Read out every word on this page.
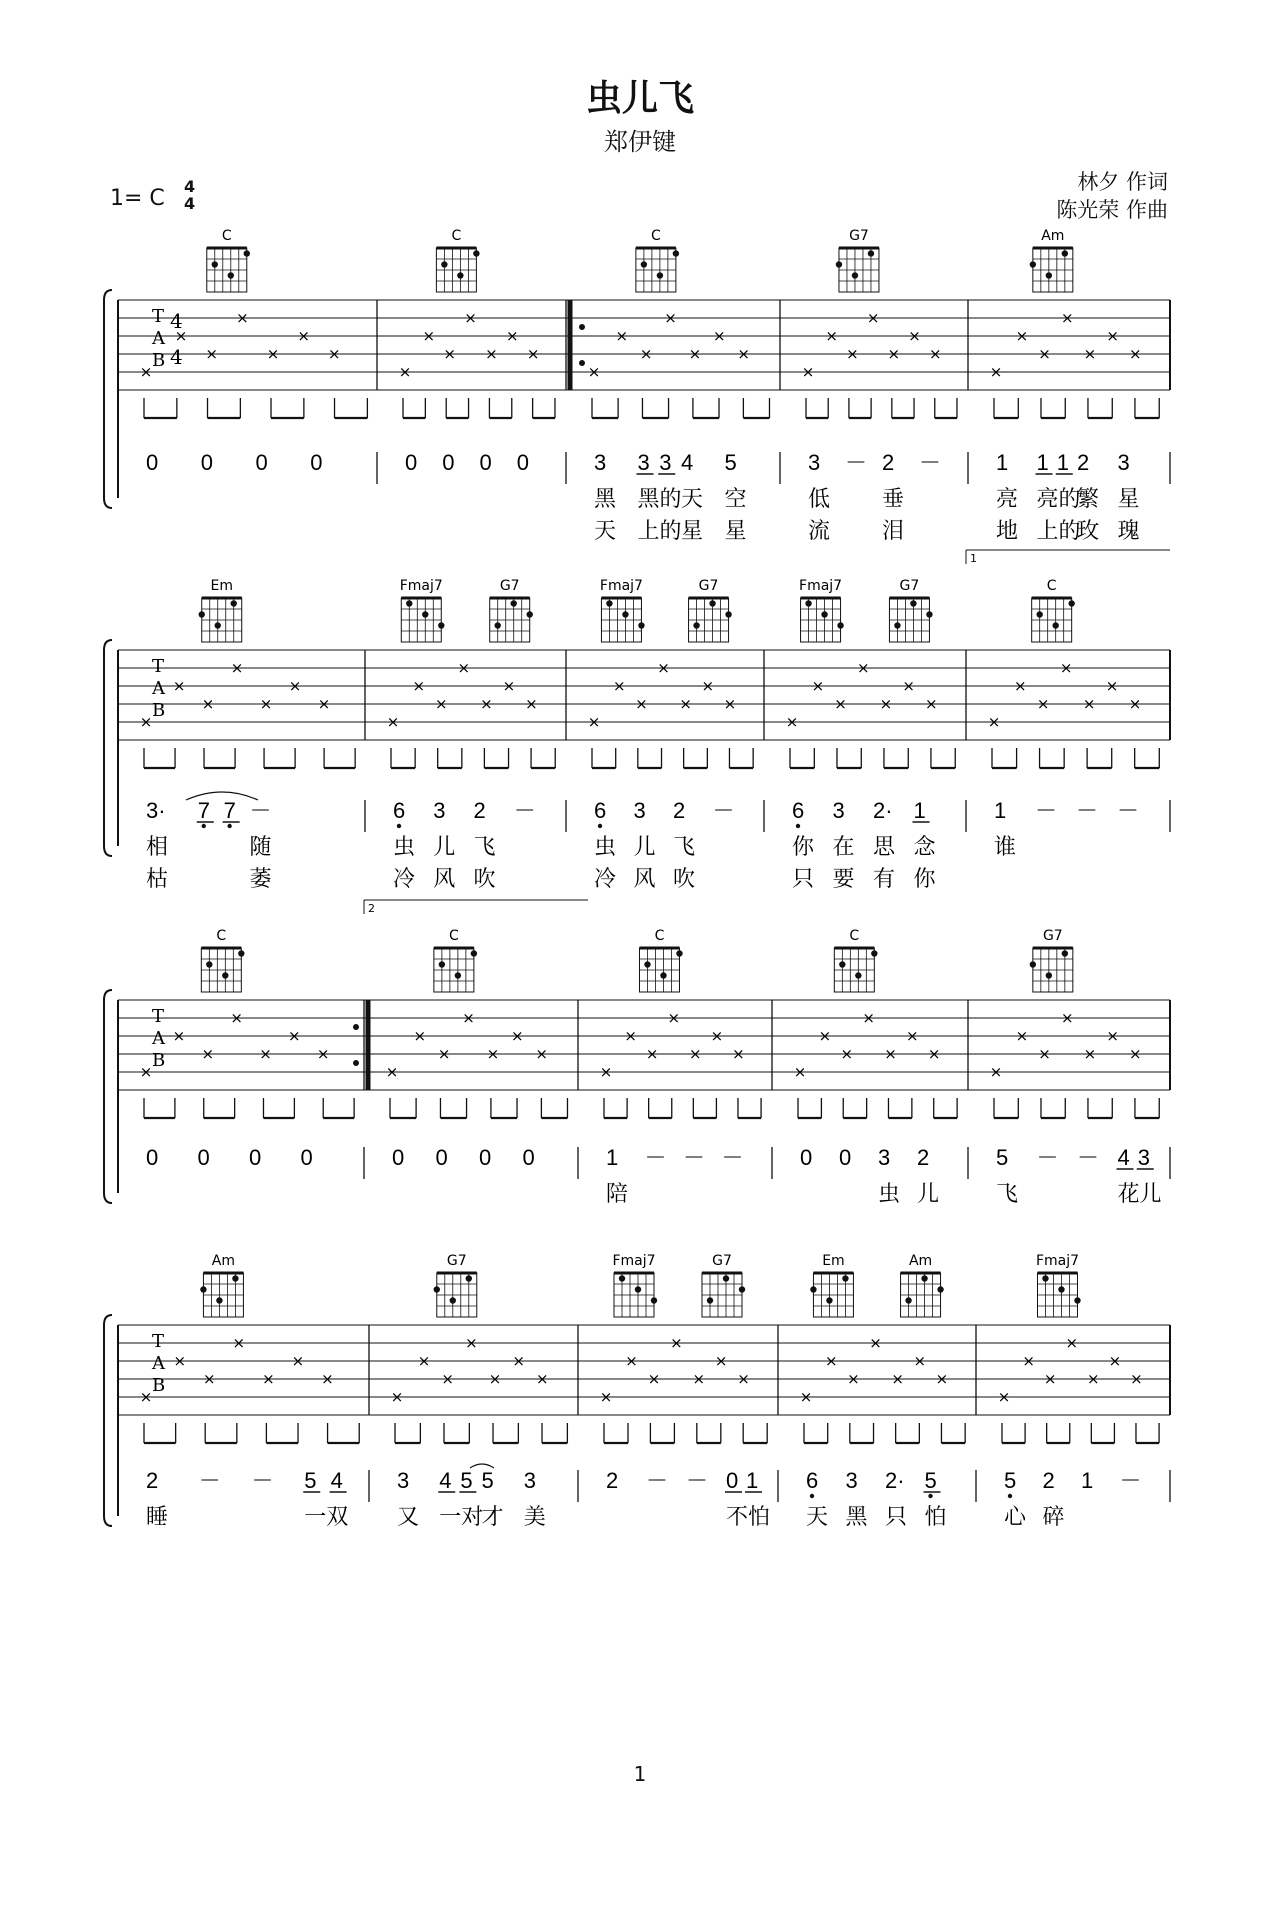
虫儿飞
郑伊键
林夕 作词
陈光荣 作曲
1= C 4
4
T
A
B
4
4
C
×
×
×
×
×
×
×
0 0 0 0
C
×
×
×
×
×
×
×
0 0 0 0
C
×
×
×
×
×
×
×
3 3 3 4 5
黑 黑的 天 空
天 上的 星 星
G7
×
×
×
×
×
×
×
3 － 2 －
低 垂
流 泪
Am
×
×
×
×
×
×
×
1 1 1 2 3
亮 亮的
繁 星
地 上的
玫 瑰
T
A
B
1
Em
×
×
×
×
×
×
×
3· 7 7 －
相	随
枯	萎
Fmaj7	G7
×
×
×
×
×
×
×
6 3 2 －
虫 儿 飞
冷 风 吹
Fmaj7	G7
×
×
×
×
×
×
×
6 3 2 －
虫 儿 飞
冷 风 吹
Fmaj7	G7
×
×
×
×
×
×
×
6 3 2· 1
你 在 思 念
只 要 有 你
C
×
×
×
×
×
×
×
1 － － －
谁
T
A
B
2
C
×
×
×
×
×
×
×
0 0 0 0
C
×
×
×
×
×
×
×
0 0 0 0
C
×
×
×
×
×
×
×
1 － － －
陪
C
×
×
×
×
×
×
×
0 0 3 2
虫 儿
G7
×
×
×
×
×
×
×
5 － － 4 3
飞	花儿
T
A
B
Am
×
×
×
×
×
×
×
2 － － 5 4
睡	一双
G7
×
×
×
×
×
×
×
3 4 5 5 3
又 一对
才 美
Fmaj7	G7
×
×
×
×
×
×
×
2 － － 0 1
不怕
Em	Am
×
×
×
×
×
×
×
6 3 2· 5
天 黑 只 怕
Fmaj7
×
×
×
×
×
×
×
5 2 1 －
心 碎
1
